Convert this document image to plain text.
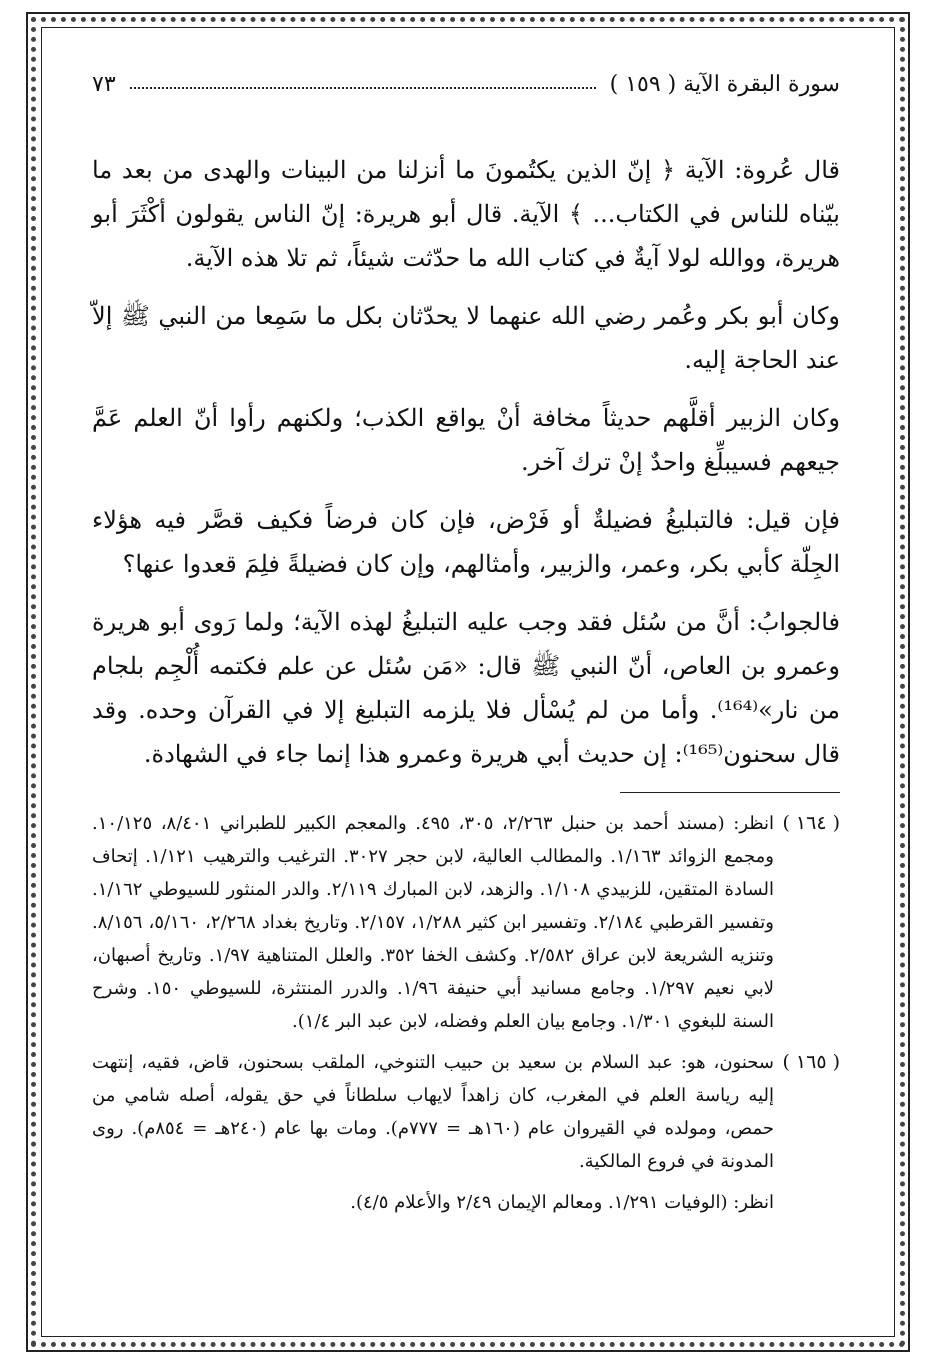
سورة البقرة الآية ( ١٥٩ )
٧٣

قال عُروة: الآية ﴿ إنّ الذين يكتُمونَ ما أنزلنا من البينات والهدى من بعد ما بيّناه للناس في الكتاب... ﴾ الآية. قال أبو هريرة: إنّ الناس يقولون أكْثَرَ أبو هريرة، ووالله لولا آيةٌ في كتاب الله ما حدّثت شيئاً، ثم تلا هذه الآية.

وكان أبو بكر وعُمر رضي الله عنهما لا يحدّثان بكل ما سَمِعا من النبي ﷺ إلاّ عند الحاجة إليه.

وكان الزبير أقلَّهم حديثاً مخافة أنْ يواقع الكذب؛ ولكنهم رأوا أنّ العلم عَمَّ جيعهم فسيبلِّغ واحدٌ إنْ ترك آخر.

فإن قيل: فالتبليغُ فضيلةٌ أو فَرْض، فإن كان فرضاً فكيف قصَّر فيه هؤلاء الجِلّة كأبي بكر، وعمر، والزبير، وأمثالهم، وإن كان فضيلةً فلِمَ قعدوا عنها؟

فالجوابُ: أنَّ من سُئل فقد وجب عليه التبليغُ لهذه الآية؛ ولما رَوى أبو هريرة وعمرو بن العاص، أنّ النبي ﷺ قال: «مَن سُئل عن علم فكتمه أُلْجِم بلجام من نار»⁽¹⁶⁴⁾. وأما من لم يُسْأل فلا يلزمه التبليغ إلا في القرآن وحده. وقد قال سحنون⁽¹⁶⁵⁾: إن حديث أبي هريرة وعمرو هذا إنما جاء في الشهادة.

( ١٦٤ )
انظر: (مسند أحمد بن حنبل ٢/٢٦٣، ٣٠٥، ٤٩٥. والمعجم الكبير للطبراني ٨/٤٠١، ١٠/١٢٥. ومجمع الزوائد ١/١٦٣. والمطالب العالية، لابن حجر ٣٠٢٧. الترغيب والترهيب ١/١٢١. إتحاف السادة المتقين، للزبيدي ١/١٠٨. والزهد، لابن المبارك ٢/١١٩. والدر المنثور للسيوطي ١/١٦٢. وتفسير القرطبي ٢/١٨٤. وتفسير ابن كثير ١/٢٨٨، ٢/١٥٧. وتاريخ بغداد ٢/٢٦٨، ٥/١٦٠، ٨/١٥٦. وتنزيه الشريعة لابن عراق ٢/٥٨٢. وكشف الخفا ٣٥٢. والعلل المتناهية ١/٩٧. وتاريخ أصبهان، لابي نعيم ١/٢٩٧. وجامع مسانيد أبي حنيفة ١/٩٦. والدرر المنتثرة، للسيوطي ١٥٠. وشرح السنة للبغوي ١/٣٠١. وجامع بيان العلم وفضله، لابن عبد البر ١/٤).
( ١٦٥ )
سحنون، هو: عبد السلام بن سعيد بن حبيب التنوخي، الملقب بسحنون، قاض، فقيه، إنتهت إليه رياسة العلم في المغرب، كان زاهداً لايهاب سلطاناً في حق يقوله، أصله شامي من حمص، ومولده في القيروان عام (١٦٠هـ = ٧٧٧م). ومات بها عام (٢٤٠هـ = ٨٥٤م). روى المدونة في فروع المالكية.
انظر: (الوفيات ١/٢٩١. ومعالم الإيمان ٢/٤٩ والأعلام ٤/٥).
